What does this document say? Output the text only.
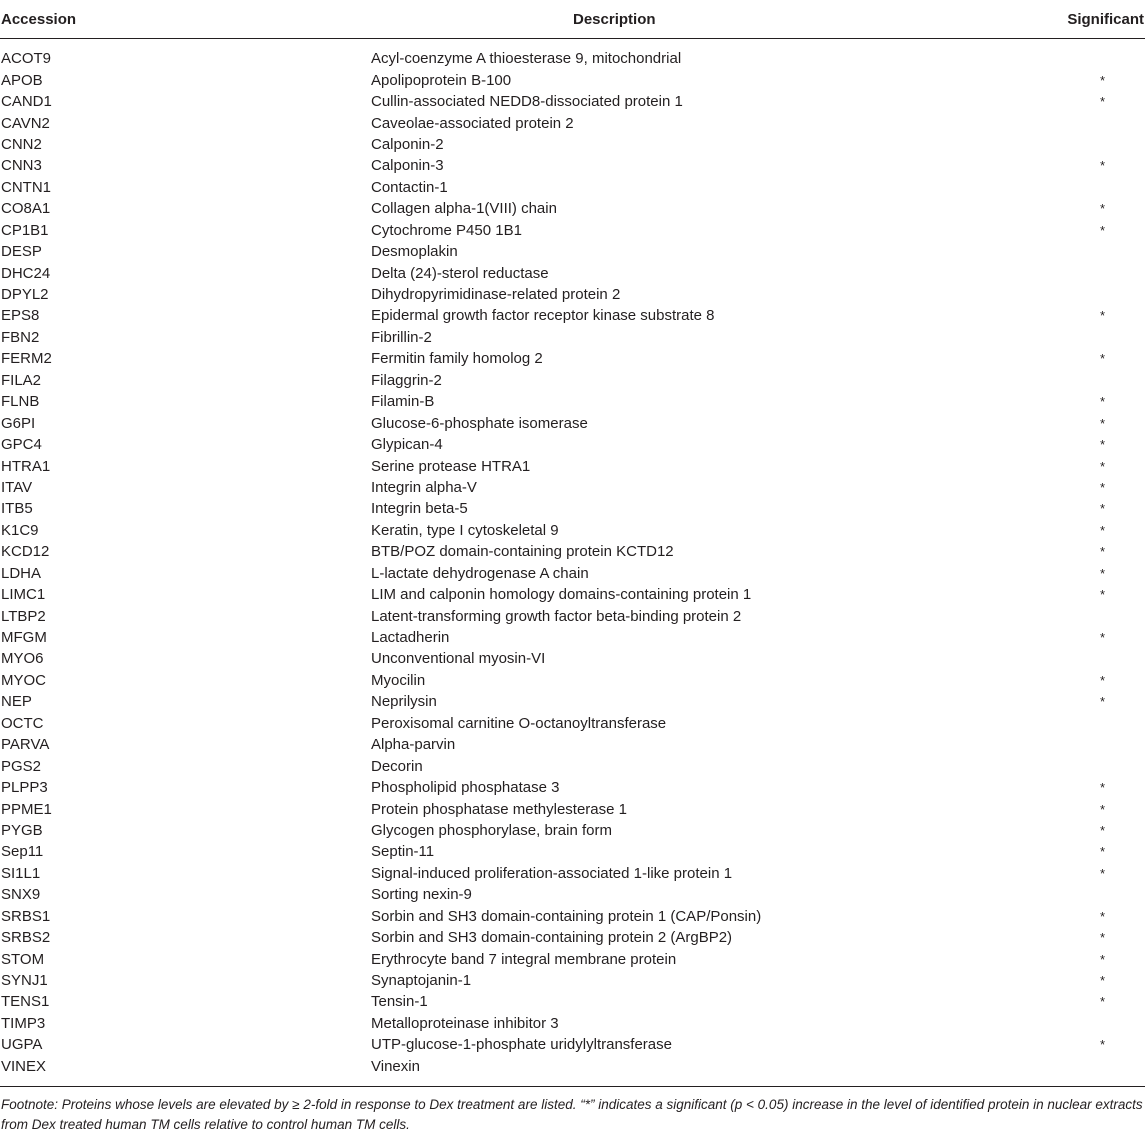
Accession	Description	Significant

ACOT9	Acyl-coenzyme A thioesterase 9, mitochondrial	
APOB	Apolipoprotein B-100	*
CAND1	Cullin-associated NEDD8-dissociated protein 1	*
CAVN2	Caveolae-associated protein 2	
CNN2	Calponin-2	
CNN3	Calponin-3	*
CNTN1	Contactin-1	
CO8A1	Collagen alpha-1(VIII) chain	*
CP1B1	Cytochrome P450 1B1	*
DESP	Desmoplakin	
DHC24	Delta (24)-sterol reductase	
DPYL2	Dihydropyrimidinase-related protein 2	
EPS8	Epidermal growth factor receptor kinase substrate 8	*
FBN2	Fibrillin-2	
FERM2	Fermitin family homolog 2	*
FILA2	Filaggrin-2	
FLNB	Filamin-B	*
G6PI	Glucose-6-phosphate isomerase	*
GPC4	Glypican-4	*
HTRA1	Serine protease HTRA1	*
ITAV	Integrin alpha-V	*
ITB5	Integrin beta-5	*
K1C9	Keratin, type I cytoskeletal 9	*
KCD12	BTB/POZ domain-containing protein KCTD12	*
LDHA	L-lactate dehydrogenase A chain	*
LIMC1	LIM and calponin homology domains-containing protein 1	*
LTBP2	Latent-transforming growth factor beta-binding protein 2	
MFGM	Lactadherin	*
MYO6	Unconventional myosin-VI	
MYOC	Myocilin	*
NEP	Neprilysin	*
OCTC	Peroxisomal carnitine O-octanoyltransferase	
PARVA	Alpha-parvin	
PGS2	Decorin	
PLPP3	Phospholipid phosphatase 3	*
PPME1	Protein phosphatase methylesterase 1	*
PYGB	Glycogen phosphorylase, brain form	*
Sep11	Septin-11	*
SI1L1	Signal-induced proliferation-associated 1-like protein 1	*
SNX9	Sorting nexin-9	
SRBS1	Sorbin and SH3 domain-containing protein 1 (CAP/Ponsin)	*
SRBS2	Sorbin and SH3 domain-containing protein 2 (ArgBP2)	*
STOM	Erythrocyte band 7 integral membrane protein	*
SYNJ1	Synaptojanin-1	*
TENS1	Tensin-1	*
TIMP3	Metalloproteinase inhibitor 3	
UGPA	UTP-glucose-1-phosphate uridylyltransferase	*
VINEX	Vinexin	
Footnote: Proteins whose levels are elevated by ≥ 2-fold in response to Dex treatment are listed. “*” indicates a significant (p < 0.05) increase in the level of identified protein in nuclear extracts from Dex treated human TM cells relative to control human TM cells.
